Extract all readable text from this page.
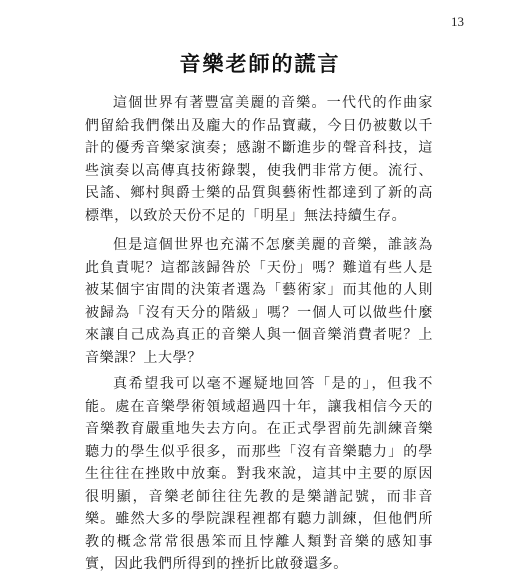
13
音樂老師的謊言

這個世界有著豐富美麗的音樂。一代代的作曲家們留給我們傑出及龐大的作品寶藏，今日仍被數以千計的優秀音樂家演奏；感謝不斷進步的聲音科技，這些演奏以高傳真技術錄製，使我們非常方便。流行、民謠、鄉村與爵士樂的品質與藝術性都達到了新的高標準，以致於天份不足的「明星」無法持續生存。

但是這個世界也充滿不怎麼美麗的音樂，誰該為此負責呢？這都該歸咎於「天份」嗎？難道有些人是被某個宇宙間的決策者選為「藝術家」而其他的人則被歸為「沒有天分的階級」嗎？一個人可以做些什麼來讓自己成為真正的音樂人與一個音樂消費者呢？上音樂課？上大學？

真希望我可以毫不遲疑地回答「是的」，但我不能。處在音樂學術領域超過四十年，讓我相信今天的音樂教育嚴重地失去方向。在正式學習前先訓練音樂聽力的學生似乎很多，而那些「沒有音樂聽力」的學生往往在挫敗中放棄。對我來說，這其中主要的原因很明顯，音樂老師往往先教的是樂譜記號，而非音樂。雖然大多的學院課程裡都有聽力訓練，但他們所教的概念常常很愚笨而且悖離人類對音樂的感知事實，因此我們所得到的挫折比啟發還多。
